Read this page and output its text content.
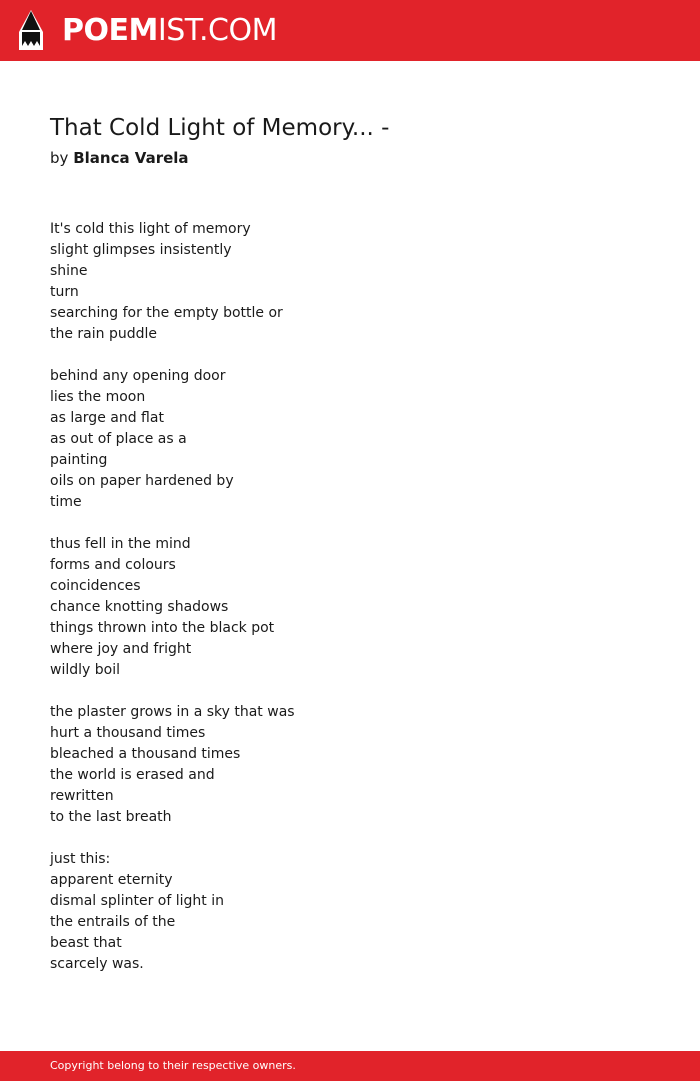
POEMIST.COM
That Cold Light of Memory... -
by Blanca Varela
It's cold this light of memory
slight glimpses insistently
shine
turn
searching for the empty bottle or
the rain puddle
behind any opening door
lies the moon
as large and flat
as out of place as a
painting
oils on paper hardened by
time
thus fell in the mind
forms and colours
coincidences
chance knotting shadows
things thrown into the black pot
where joy and fright
wildly boil
the plaster grows in a sky that was
hurt a thousand times
bleached a thousand times
the world is erased and
rewritten
to the last breath
just this:
apparent eternity
dismal splinter of light in
the entrails of the
beast that
scarcely was.
Copyright belong to their respective owners.
